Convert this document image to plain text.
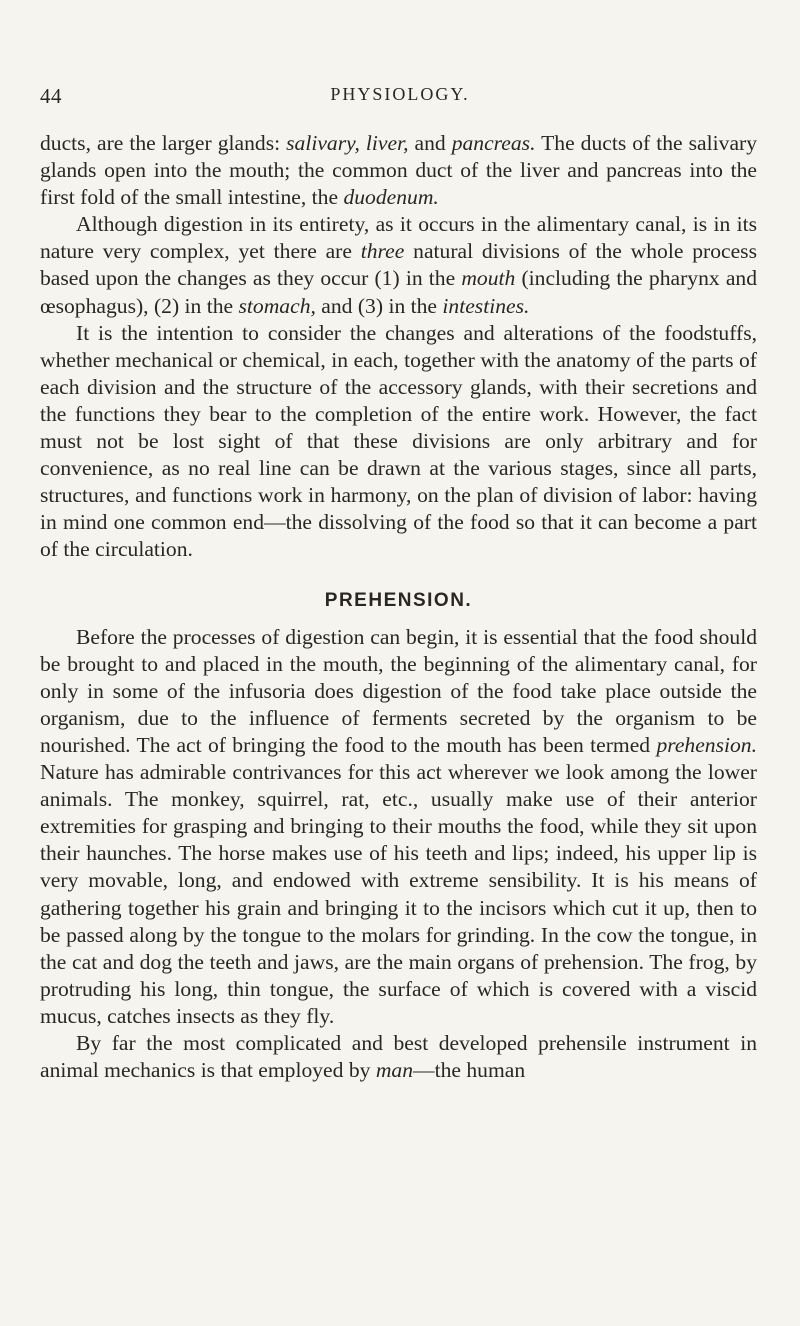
44	PHYSIOLOGY.

ducts, are the larger glands: salivary, liver, and pancreas. The ducts of the salivary glands open into the mouth; the common duct of the liver and pancreas into the first fold of the small intestine, the duodenum.

Although digestion in its entirety, as it occurs in the alimentary canal, is in its nature very complex, yet there are three natural divisions of the whole process based upon the changes as they occur (1) in the mouth (including the pharynx and œsophagus), (2) in the stomach, and (3) in the intestines.

It is the intention to consider the changes and alterations of the foodstuffs, whether mechanical or chemical, in each, together with the anatomy of the parts of each division and the structure of the accessory glands, with their secretions and the functions they bear to the completion of the entire work. However, the fact must not be lost sight of that these divisions are only arbitrary and for convenience, as no real line can be drawn at the various stages, since all parts, structures, and functions work in harmony, on the plan of division of labor: having in mind one common end—the dissolving of the food so that it can become a part of the circulation.

PREHENSION.

Before the processes of digestion can begin, it is essential that the food should be brought to and placed in the mouth, the beginning of the alimentary canal, for only in some of the infusoria does digestion of the food take place outside the organism, due to the influence of ferments secreted by the organism to be nourished. The act of bringing the food to the mouth has been termed prehension. Nature has admirable contrivances for this act wherever we look among the lower animals. The monkey, squirrel, rat, etc., usually make use of their anterior extremities for grasping and bringing to their mouths the food, while they sit upon their haunches. The horse makes use of his teeth and lips; indeed, his upper lip is very movable, long, and endowed with extreme sensibility. It is his means of gathering together his grain and bringing it to the incisors which cut it up, then to be passed along by the tongue to the molars for grinding. In the cow the tongue, in the cat and dog the teeth and jaws, are the main organs of prehension. The frog, by protruding his long, thin tongue, the surface of which is covered with a viscid mucus, catches insects as they fly.

By far the most complicated and best developed prehensile instrument in animal mechanics is that employed by man—the human
